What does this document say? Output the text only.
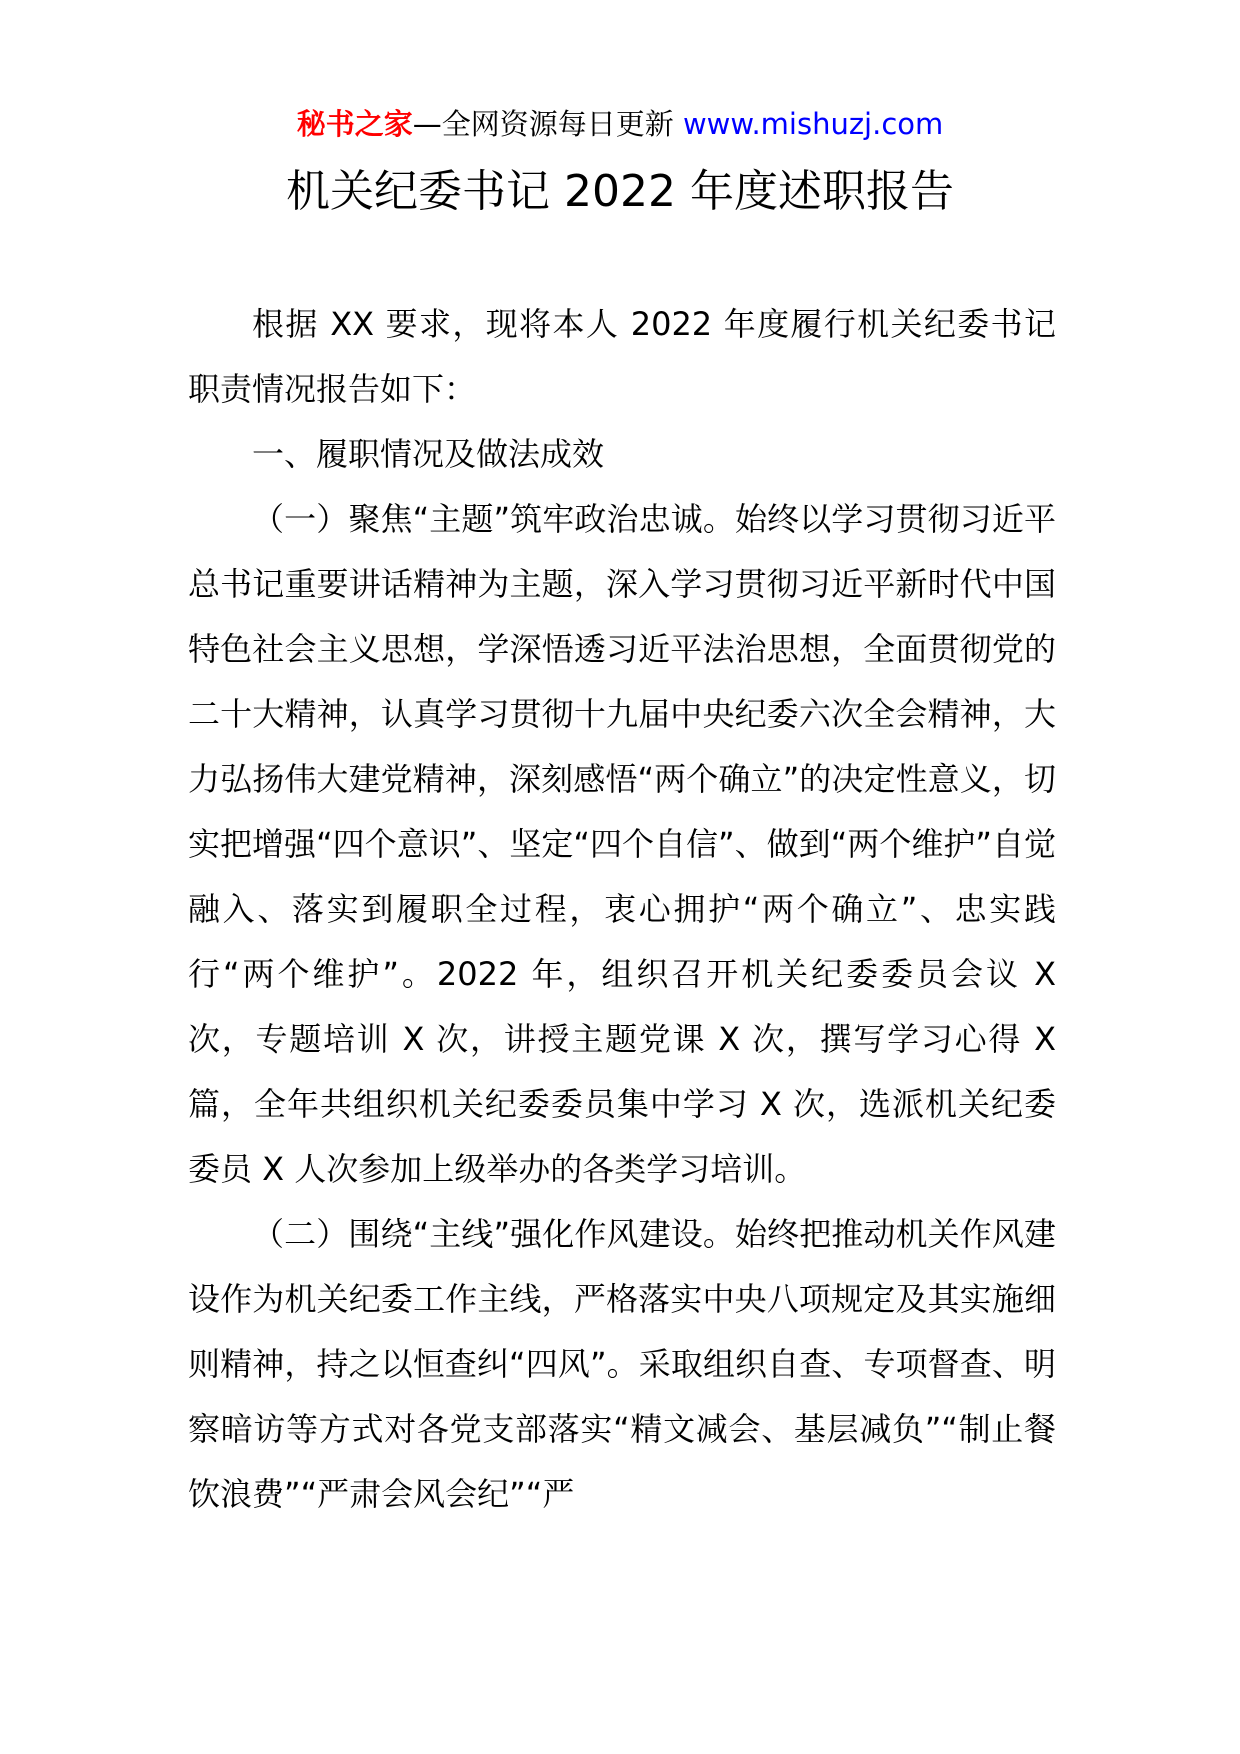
秘书之家—全网资源每日更新 www.mishuzj.com
机关纪委书记 2022 年度述职报告

根据 XX 要求，现将本人 2022 年度履行机关纪委书记职责情况报告如下：

一、履职情况及做法成效

（一）聚焦“主题”筑牢政治忠诚。始终以学习贯彻习近平总书记重要讲话精神为主题，深入学习贯彻习近平新时代中国特色社会主义思想，学深悟透习近平法治思想，全面贯彻党的二十大精神，认真学习贯彻十九届中央纪委六次全会精神，大力弘扬伟大建党精神，深刻感悟“两个确立”的决定性意义，切实把增强“四个意识”、坚定“四个自信”、做到“两个维护”自觉融入、落实到履职全过程，衷心拥护“两个确立”、忠实践行“两个维护”。2022 年，组织召开机关纪委委员会议 X 次，专题培训 X 次，讲授主题党课 X 次，撰写学习心得 X 篇，全年共组织机关纪委委员集中学习 X 次，选派机关纪委委员 X 人次参加上级举办的各类学习培训。

（二）围绕“主线”强化作风建设。始终把推动机关作风建设作为机关纪委工作主线，严格落实中央八项规定及其实施细则精神，持之以恒查纠“四风”。采取组织自查、专项督查、明察暗访等方式对各党支部落实“精文减会、基层减负”“制止餐饮浪费”“严肃会风会纪”“严
